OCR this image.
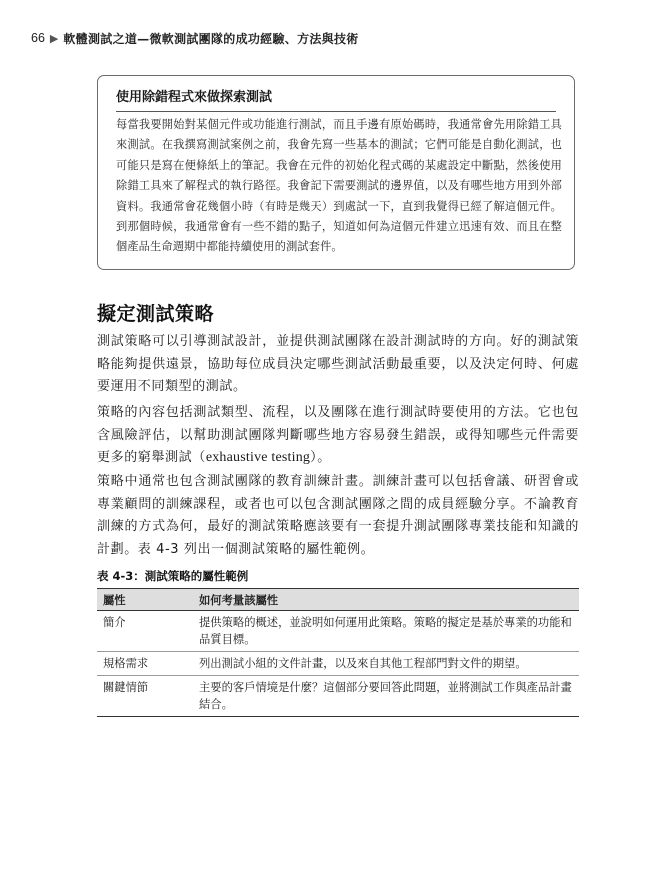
66 ▶ 軟體測試之道—微軟測試團隊的成功經驗、方法與技術
使用除錯程式來做探索測試
每當我要開始對某個元件或功能進行測試，而且手邊有原始碼時，我通常會先用除錯工具來測試。在我撰寫測試案例之前，我會先寫一些基本的測試；它們可能是自動化測試，也可能只是寫在便條紙上的筆記。我會在元件的初始化程式碼的某處設定中斷點，然後使用除錯工具來了解程式的執行路徑。我會記下需要測試的邊界值，以及有哪些地方用到外部資料。我通常會花幾個小時（有時是幾天）到處試一下，直到我覺得已經了解這個元件。到那個時候，我通常會有一些不錯的點子，知道如何為這個元件建立迅速有效、而且在整個產品生命週期中都能持續使用的測試套件。
擬定測試策略
測試策略可以引導測試設計，並提供測試團隊在設計測試時的方向。好的測試策略能夠提供遠景，協助每位成員決定哪些測試活動最重要，以及決定何時、何處要運用不同類型的測試。
策略的內容包括測試類型、流程，以及團隊在進行測試時要使用的方法。它也包含風險評估，以幫助測試團隊判斷哪些地方容易發生錯誤，或得知哪些元件需要更多的窮舉測試（exhaustive testing）。
策略中通常也包含測試團隊的教育訓練計畫。訓練計畫可以包括會議、研習會或專業顧問的訓練課程，或者也可以包含測試團隊之間的成員經驗分享。不論教育訓練的方式為何，最好的測試策略應該要有一套提升測試團隊專業技能和知識的計劃。表 4-3 列出一個測試策略的屬性範例。
表 4-3：測試策略的屬性範例
屬性	如何考量該屬性
簡介	提供策略的概述，並說明如何運用此策略。策略的擬定是基於專業的功能和品質目標。
規格需求	列出測試小組的文件計畫，以及來自其他工程部門對文件的期望。
關鍵情節	主要的客戶情境是什麼？這個部分要回答此問題，並將測試工作與產品計畫結合。
